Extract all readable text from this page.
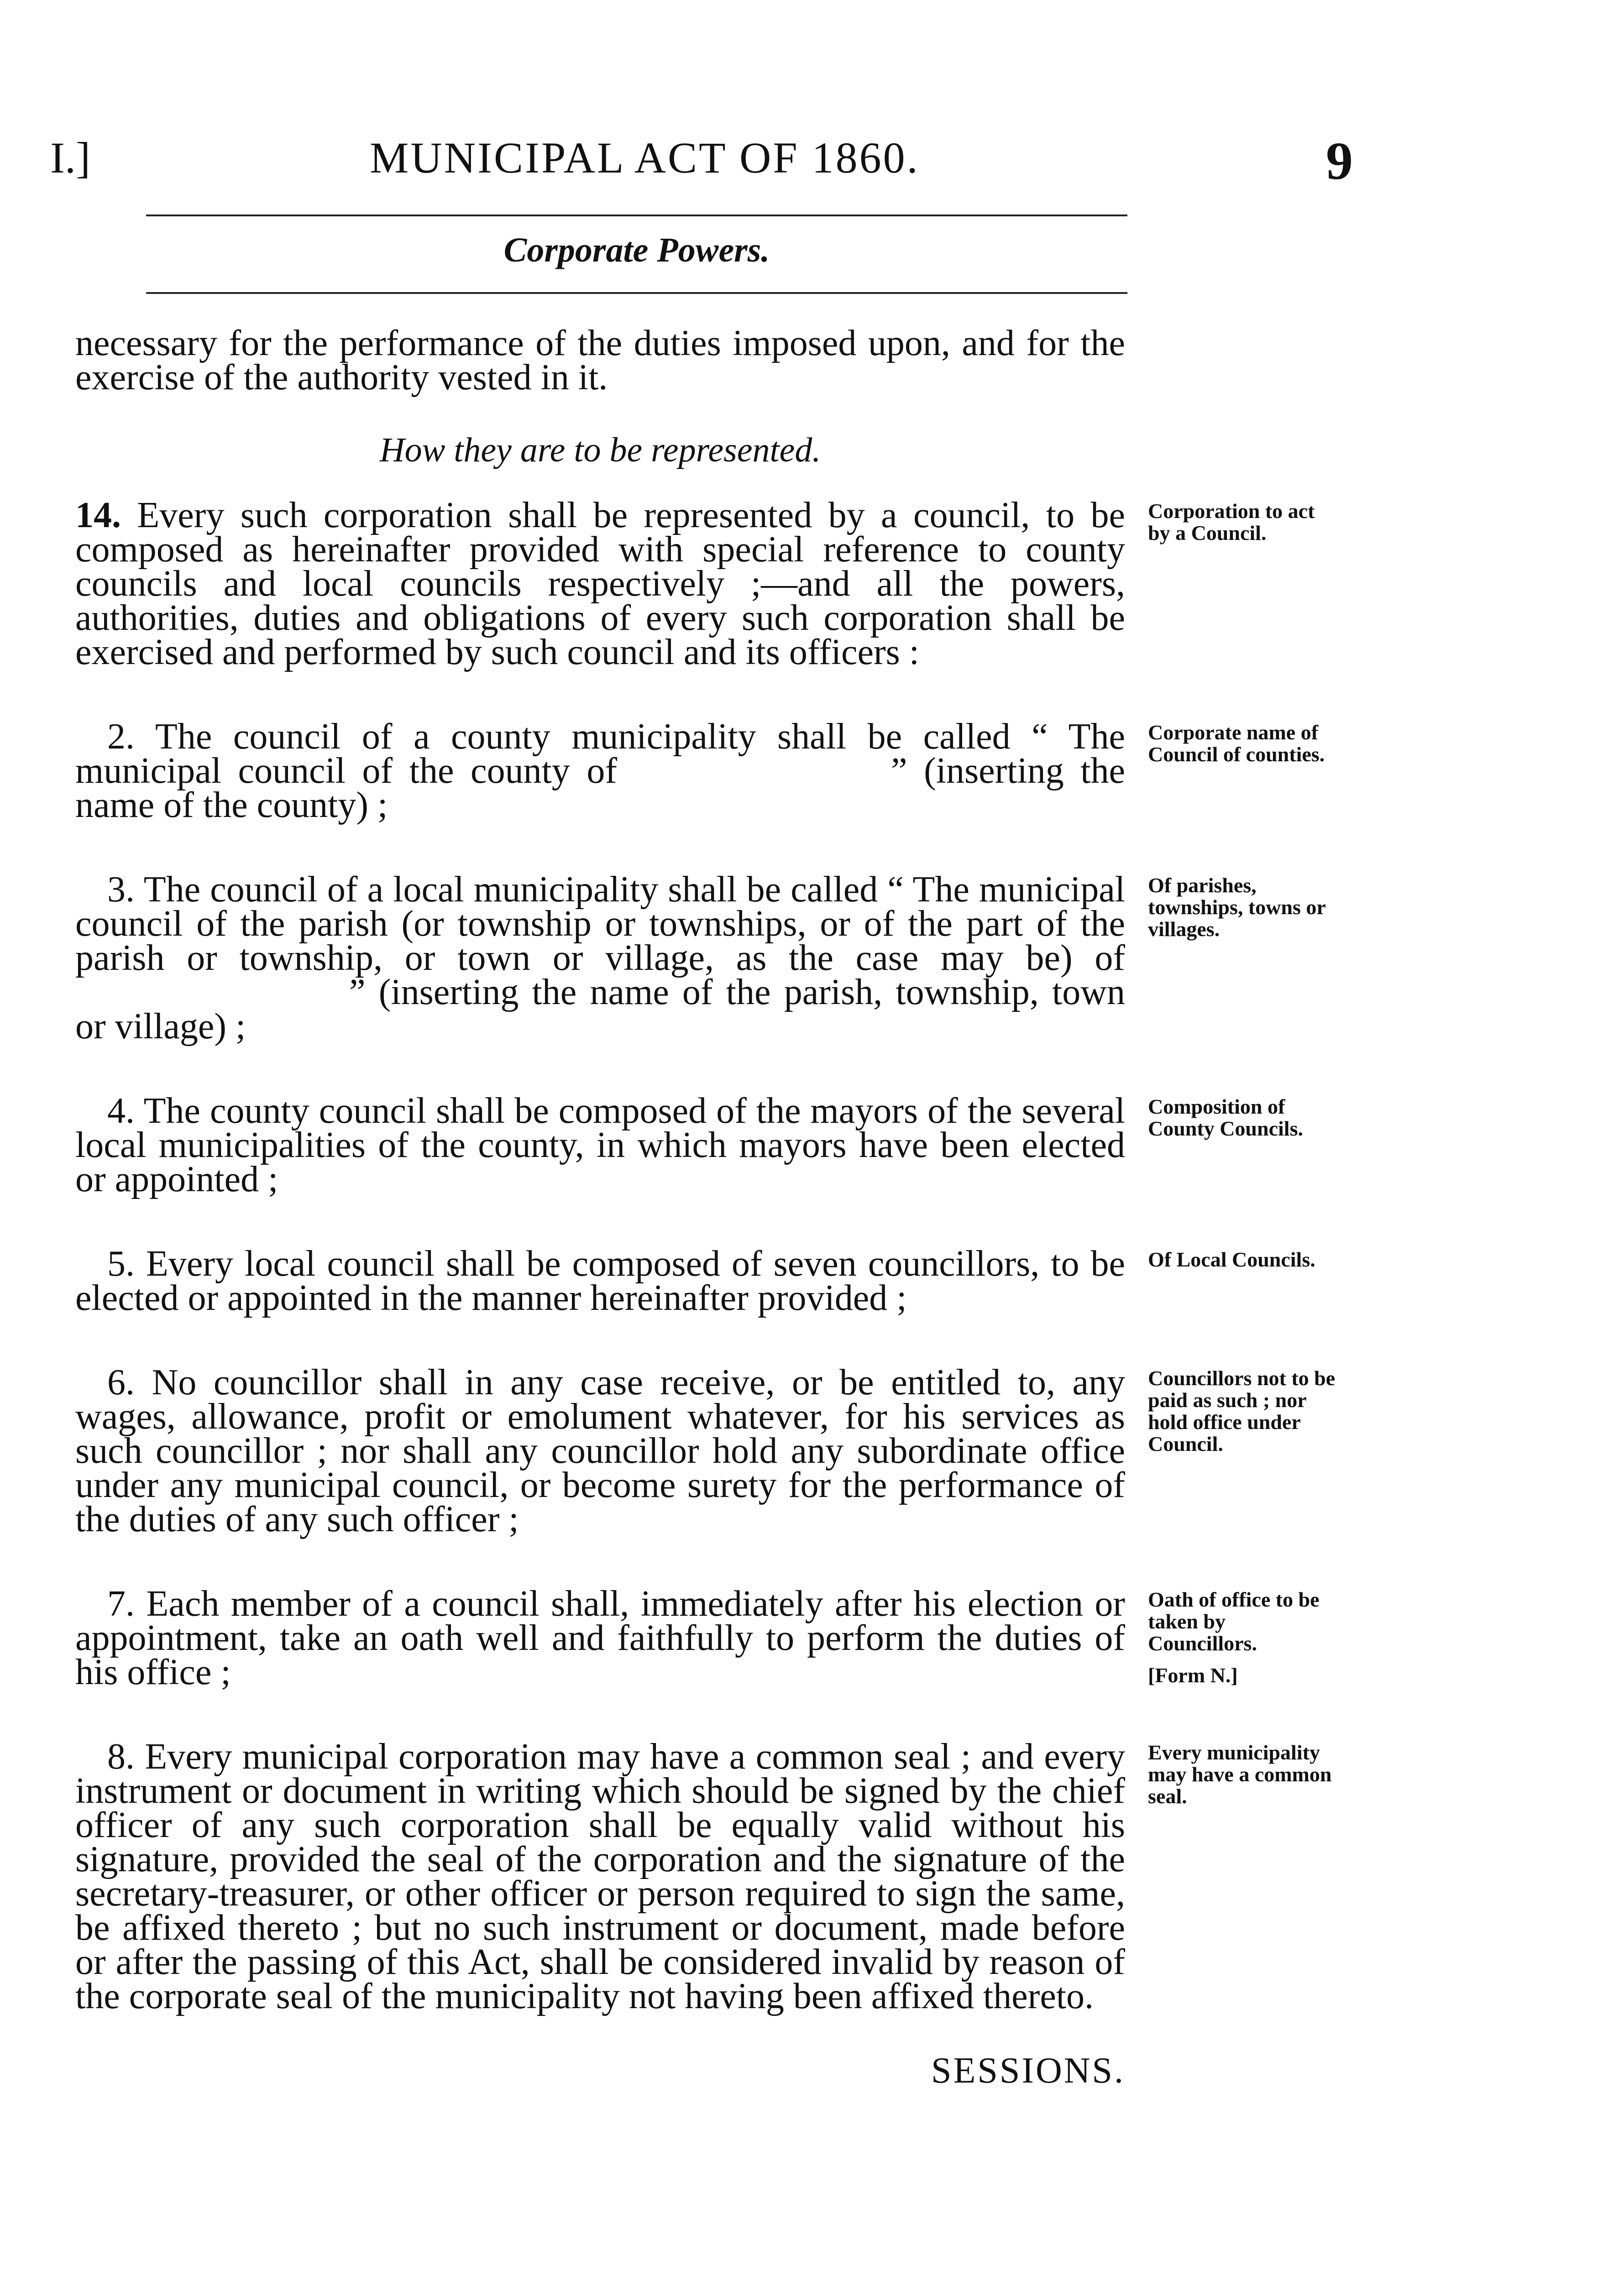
I.]	MUNICIPAL ACT OF 1860.	9
Corporate Powers.

necessary for the performance of the duties imposed upon, and for the exercise of the authority vested in it.

How they are to be represented.

14. Every such corporation shall be represented by a council, to be composed as hereinafter provided with special reference to county councils and local councils respectively ;—and all the powers, authorities, duties and obligations of every such corporation shall be exercised and performed by such council and its officers :

Corporation to act by a Council.

2. The council of a county municipality shall be called “ The municipal council of the county of	” (inserting the name of the county) ;

Corporate name of Council of counties.

3. The council of a local municipality shall be called “ The municipal council of the parish (or township or townships, or of the part of the parish or township, or town or village, as the case may be) of” (inserting the name of the parish, township, town or village) ;

Of parishes, townships, towns or villages.

4. The county council shall be composed of the mayors of the several local municipalities of the county, in which mayors have been elected or appointed ;

Composition of County Councils.

5. Every local council shall be composed of seven councillors, to be elected or appointed in the manner hereinafter provided ;

Of Local Councils.

6. No councillor shall in any case receive, or be entitled to, any wages, allowance, profit or emolument whatever, for his services as such councillor ; nor shall any councillor hold any subordinate office under any municipal council, or become surety for the performance of the duties of any such officer ;

Councillors not to be paid as such ; nor hold office under Council.

7. Each member of a council shall, immediately after his election or appointment, take an oath well and faithfully to perform the duties of his office ;

Oath of office to be taken by Councillors.
[Form N.]

8. Every municipal corporation may have a common seal ; and every instrument or document in writing which should be signed by the chief officer of any such corporation shall be equally valid without his signature, provided the seal of the corporation and the signature of the secretary-treasurer, or other officer or person required to sign the same, be affixed thereto ; but no such instrument or document, made before or after the passing of this Act, shall be considered invalid by reason of the corporate seal of the municipality not having been affixed thereto.

Every municipality may have a common seal.
SESSIONS.
